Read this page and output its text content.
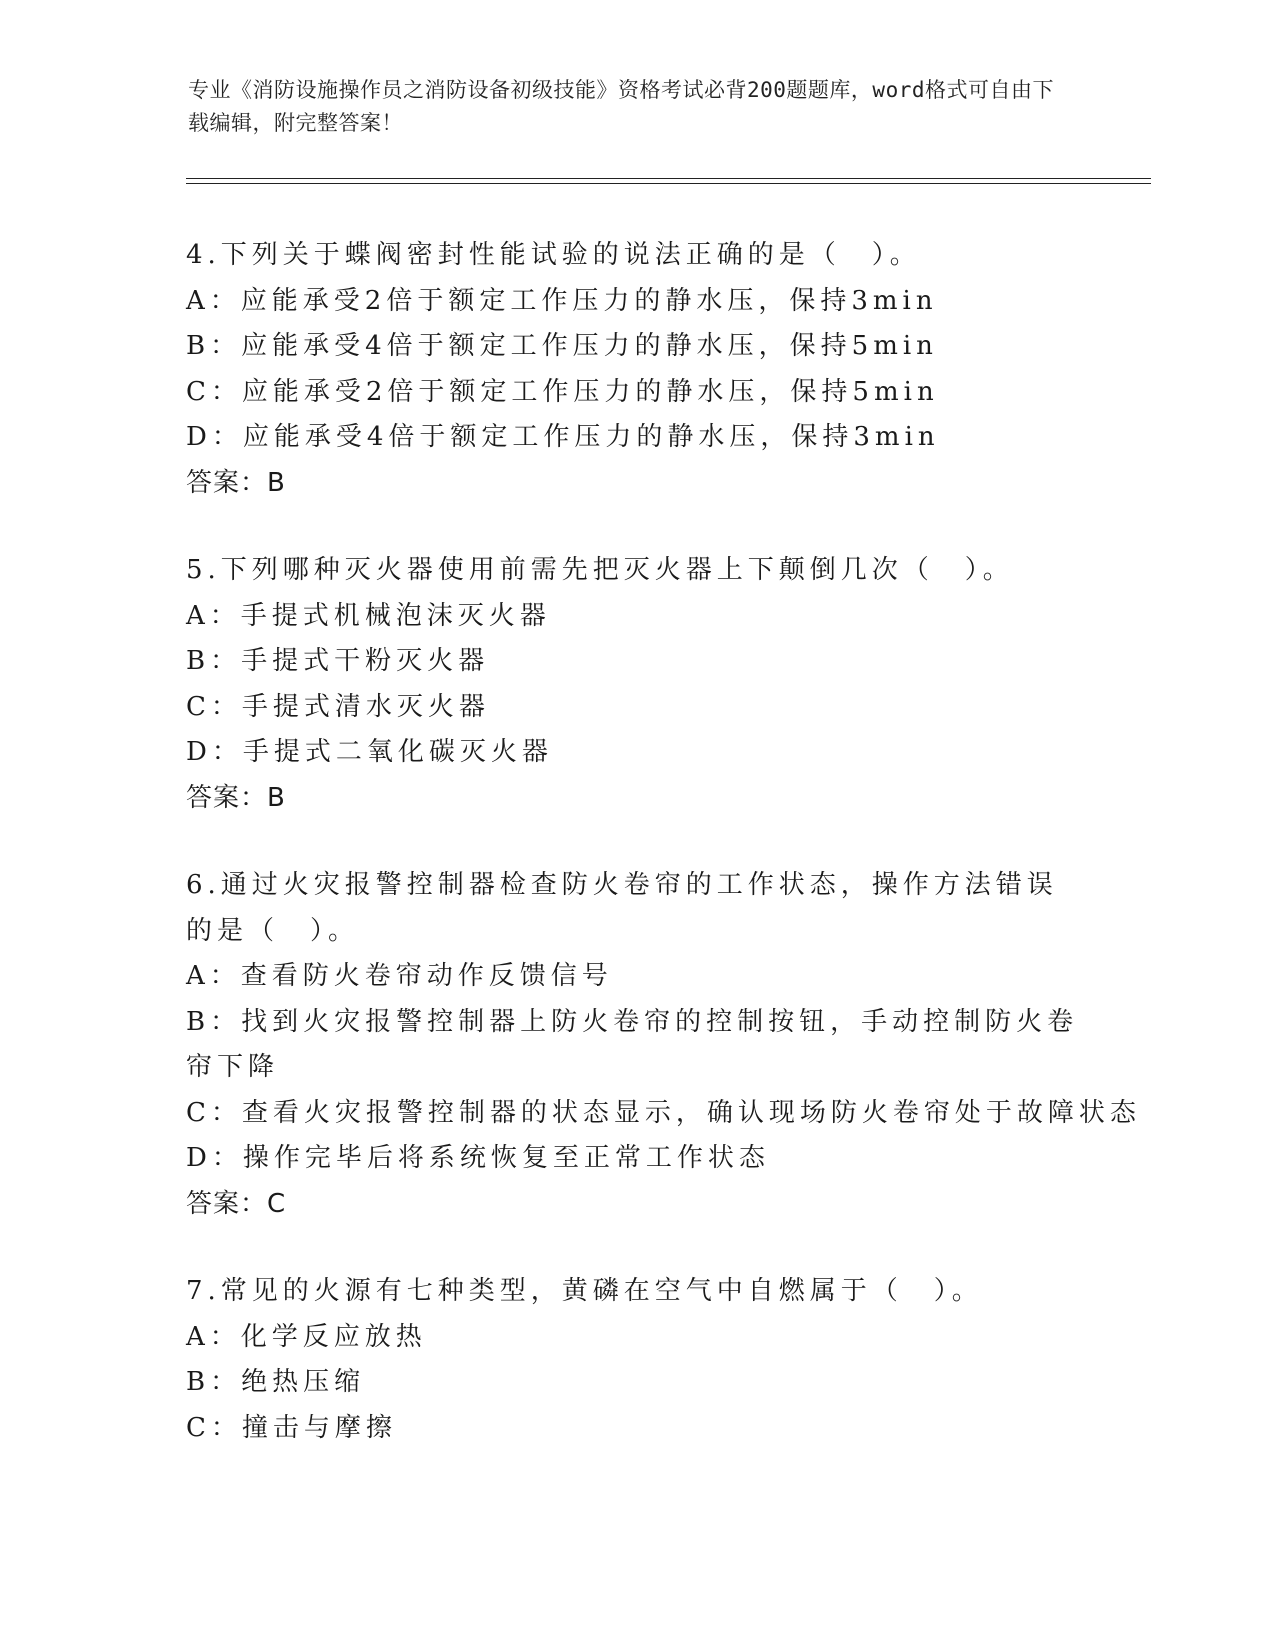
专业《消防设施操作员之消防设备初级技能》资格考试必背200题题库，word格式可自由下载编辑，附完整答案！
4.下列关于蝶阀密封性能试验的说法正确的是（　）。
A：应能承受2倍于额定工作压力的静水压，保持3min
B：应能承受4倍于额定工作压力的静水压，保持5min
C：应能承受2倍于额定工作压力的静水压，保持5min
D：应能承受4倍于额定工作压力的静水压，保持3min
答案：B
5.下列哪种灭火器使用前需先把灭火器上下颠倒几次（　）。
A：手提式机械泡沫灭火器
B：手提式干粉灭火器
C：手提式清水灭火器
D：手提式二氧化碳灭火器
答案：B
6.通过火灾报警控制器检查防火卷帘的工作状态，操作方法错误的是（　）。
A：查看防火卷帘动作反馈信号
B：找到火灾报警控制器上防火卷帘的控制按钮，手动控制防火卷帘下降
C：查看火灾报警控制器的状态显示，确认现场防火卷帘处于故障状态
D：操作完毕后将系统恢复至正常工作状态
答案：C
7.常见的火源有七种类型，黄磷在空气中自燃属于（　）。
A：化学反应放热
B：绝热压缩
C：撞击与摩擦
